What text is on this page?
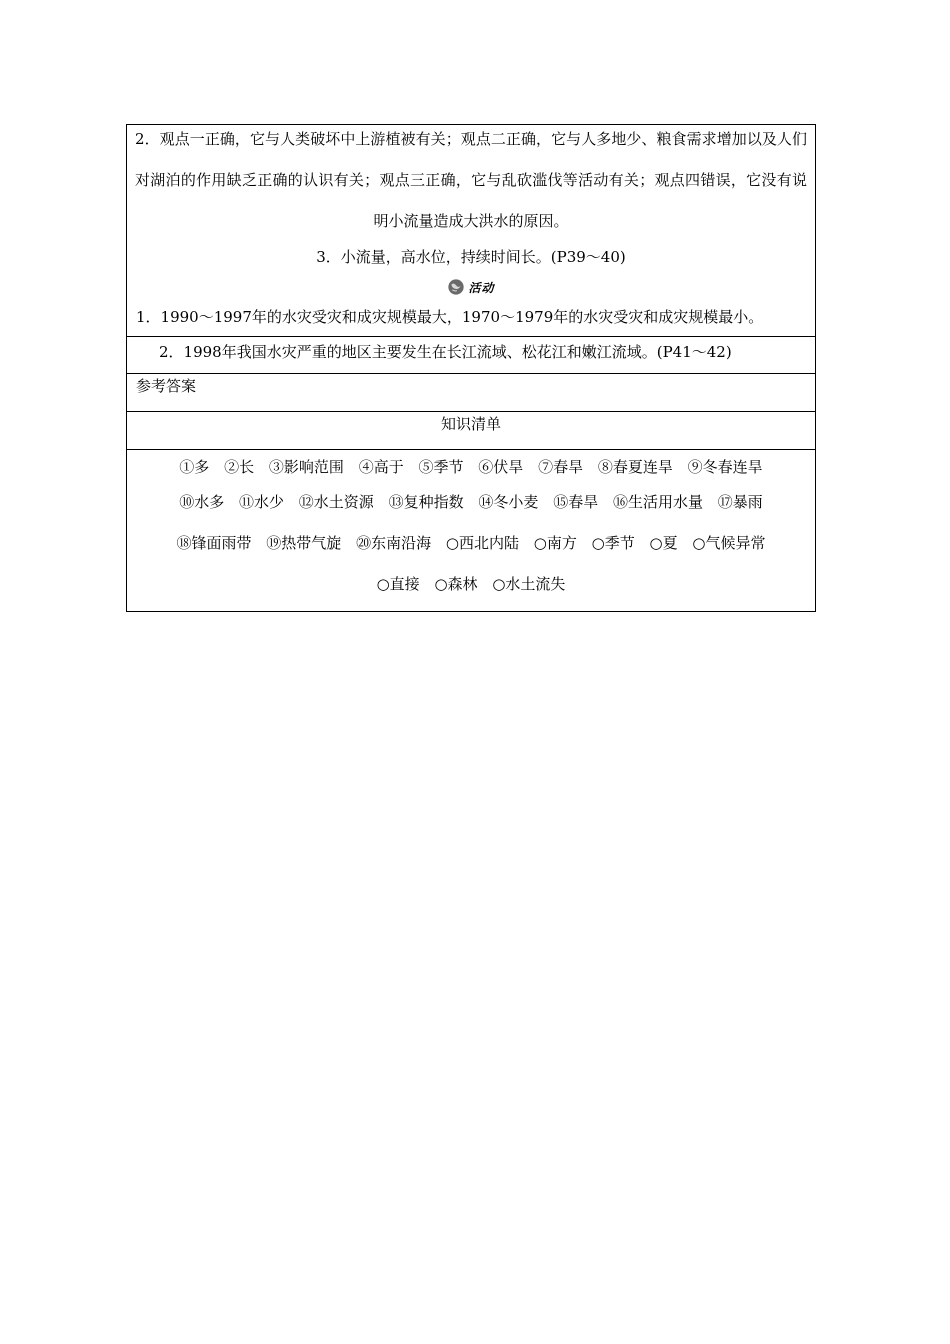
2．观点一正确，它与人类破坏中上游植被有关；观点二正确，它与人多地少、粮食需求增加以及人们对湖泊的作用缺乏正确的认识有关；观点三正确，它与乱砍滥伐等活动有关；观点四错误，它没有说明小流量造成大洪水的原因。
3．小流量，高水位，持续时间长。(P39～40)
活动
1．1990～1997年的水灾受灾和成灾规模最大，1970～1979年的水灾受灾和成灾规模最小。
2．1998年我国水灾严重的地区主要发生在长江流域、松花江和嫩江流域。(P41～42)
参考答案
知识清单
①多 ②长 ③影响范围 ④高于 ⑤季节 ⑥伏旱 ⑦春旱 ⑧春夏连旱 ⑨冬春连旱
⑩水多 ⑪水少 ⑫水土资源 ⑬复种指数 ⑭冬小麦 ⑮春旱 ⑯生活用水量 ⑰暴雨
⑱锋面雨带 ⑲热带气旋 ⑳东南沿海 ○西北内陆 ○南方 ○季节 ○夏 ○气候异常
○直接 ○森林 ○水土流失
